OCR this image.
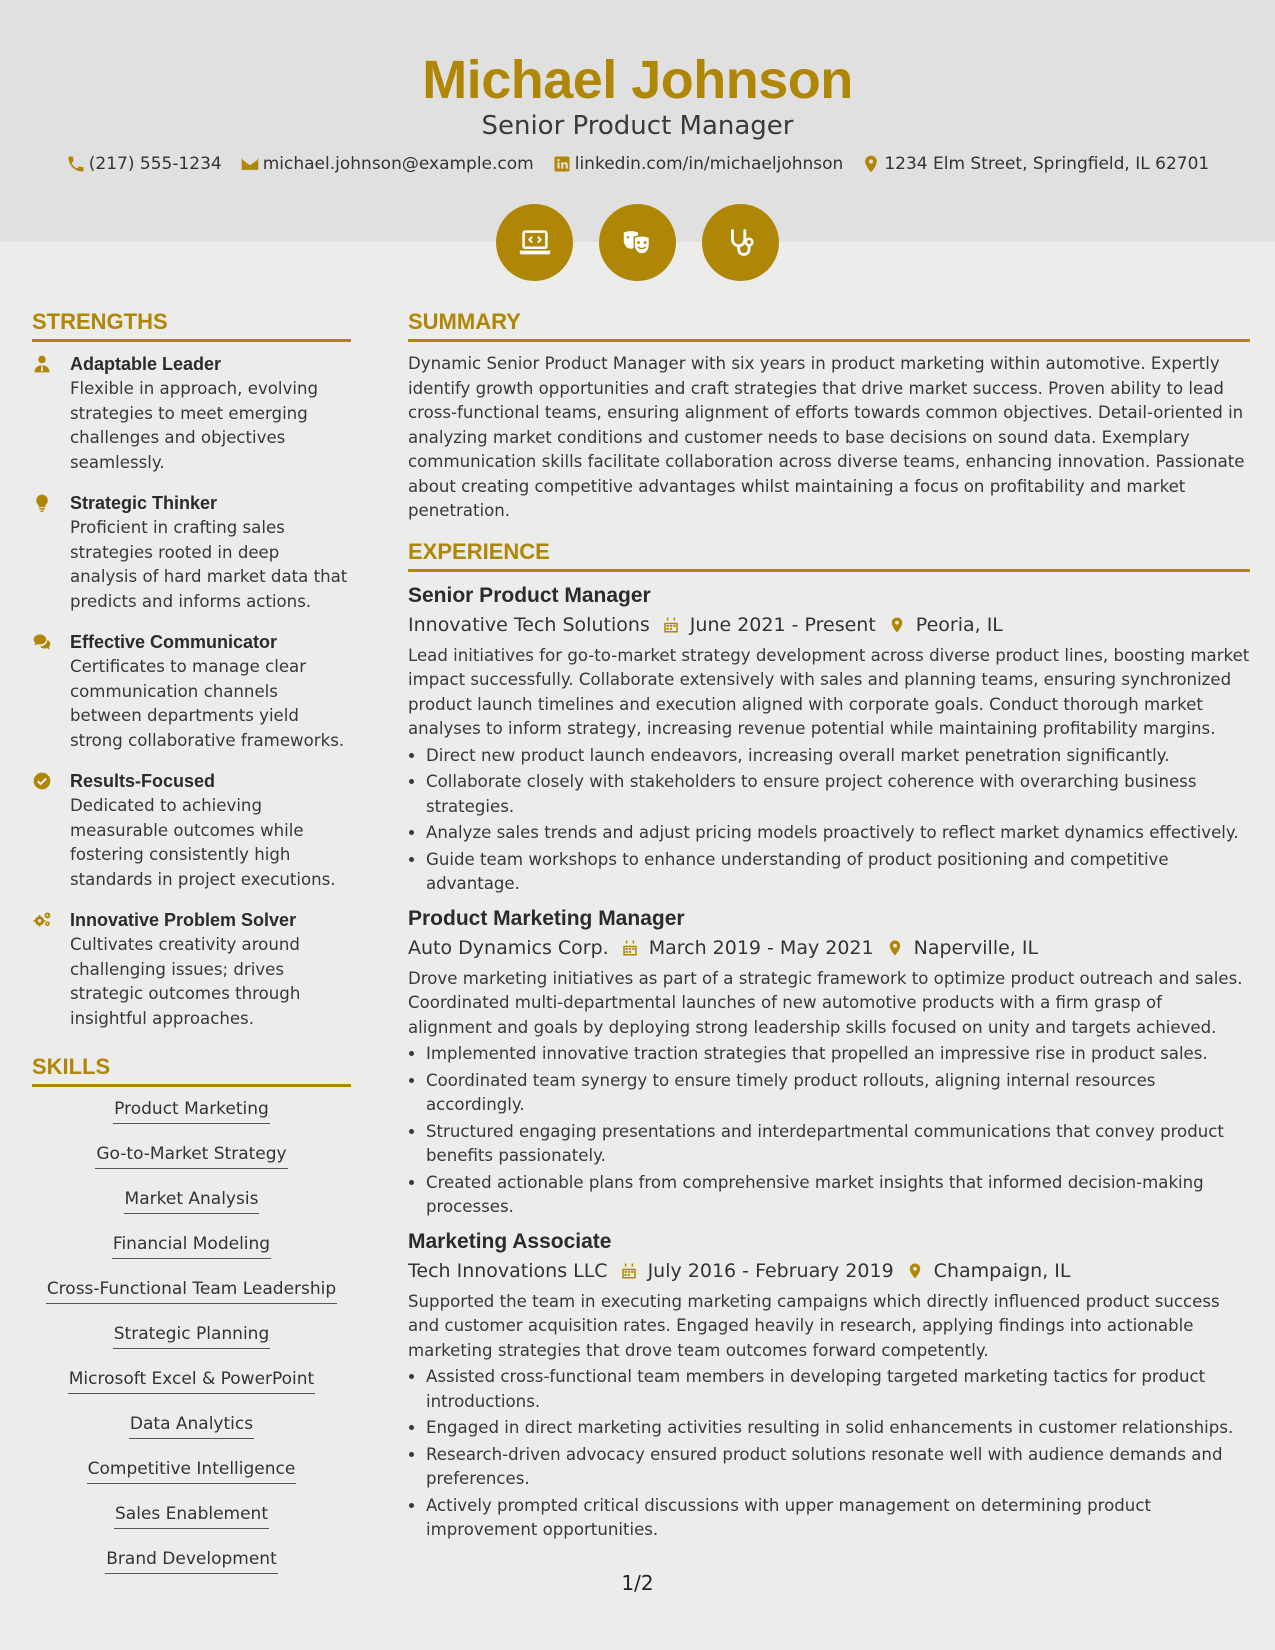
Michael Johnson
Senior Product Manager
(217) 555-1234 michael.johnson@example.com linkedin.com/in/michaeljohnson 1234 Elm Street, Springfield, IL 62701
STRENGTHS
Adaptable Leader
Flexible in approach, evolving strategies to meet emerging challenges and objectives seamlessly.
Strategic Thinker
Proficient in crafting sales strategies rooted in deep analysis of hard market data that predicts and informs actions.
Effective Communicator
Certificates to manage clear communication channels between departments yield strong collaborative frameworks.
Results-Focused
Dedicated to achieving measurable outcomes while fostering consistently high standards in project executions.
Innovative Problem Solver
Cultivates creativity around challenging issues; drives strategic outcomes through insightful approaches.
SKILLS
Product Marketing
Go-to-Market Strategy
Market Analysis
Financial Modeling
Cross-Functional Team Leadership
Strategic Planning
Microsoft Excel & PowerPoint
Data Analytics
Competitive Intelligence
Sales Enablement
Brand Development
SUMMARY
Dynamic Senior Product Manager with six years in product marketing within automotive. Expertly identify growth opportunities and craft strategies that drive market success. Proven ability to lead cross-functional teams, ensuring alignment of efforts towards common objectives. Detail-oriented in analyzing market conditions and customer needs to base decisions on sound data. Exemplary communication skills facilitate collaboration across diverse teams, enhancing innovation. Passionate about creating competitive advantages whilst maintaining a focus on profitability and market penetration.
EXPERIENCE
Senior Product Manager
Innovative Tech Solutions June 2021 - Present Peoria, IL
Lead initiatives for go-to-market strategy development across diverse product lines, boosting market impact successfully. Collaborate extensively with sales and planning teams, ensuring synchronized product launch timelines and execution aligned with corporate goals. Conduct thorough market analyses to inform strategy, increasing revenue potential while maintaining profitability margins.
• Direct new product launch endeavors, increasing overall market penetration significantly.
• Collaborate closely with stakeholders to ensure project coherence with overarching business strategies.
• Analyze sales trends and adjust pricing models proactively to reflect market dynamics effectively.
• Guide team workshops to enhance understanding of product positioning and competitive advantage.
Product Marketing Manager
Auto Dynamics Corp. March 2019 - May 2021 Naperville, IL
Drove marketing initiatives as part of a strategic framework to optimize product outreach and sales. Coordinated multi-departmental launches of new automotive products with a firm grasp of alignment and goals by deploying strong leadership skills focused on unity and targets achieved.
• Implemented innovative traction strategies that propelled an impressive rise in product sales.
• Coordinated team synergy to ensure timely product rollouts, aligning internal resources accordingly.
• Structured engaging presentations and interdepartmental communications that convey product benefits passionately.
• Created actionable plans from comprehensive market insights that informed decision-making processes.
Marketing Associate
Tech Innovations LLC July 2016 - February 2019 Champaign, IL
Supported the team in executing marketing campaigns which directly influenced product success and customer acquisition rates. Engaged heavily in research, applying findings into actionable marketing strategies that drove team outcomes forward competently.
• Assisted cross-functional team members in developing targeted marketing tactics for product introductions.
• Engaged in direct marketing activities resulting in solid enhancements in customer relationships.
• Research-driven advocacy ensured product solutions resonate well with audience demands and preferences.
• Actively prompted critical discussions with upper management on determining product improvement opportunities.
1/2
